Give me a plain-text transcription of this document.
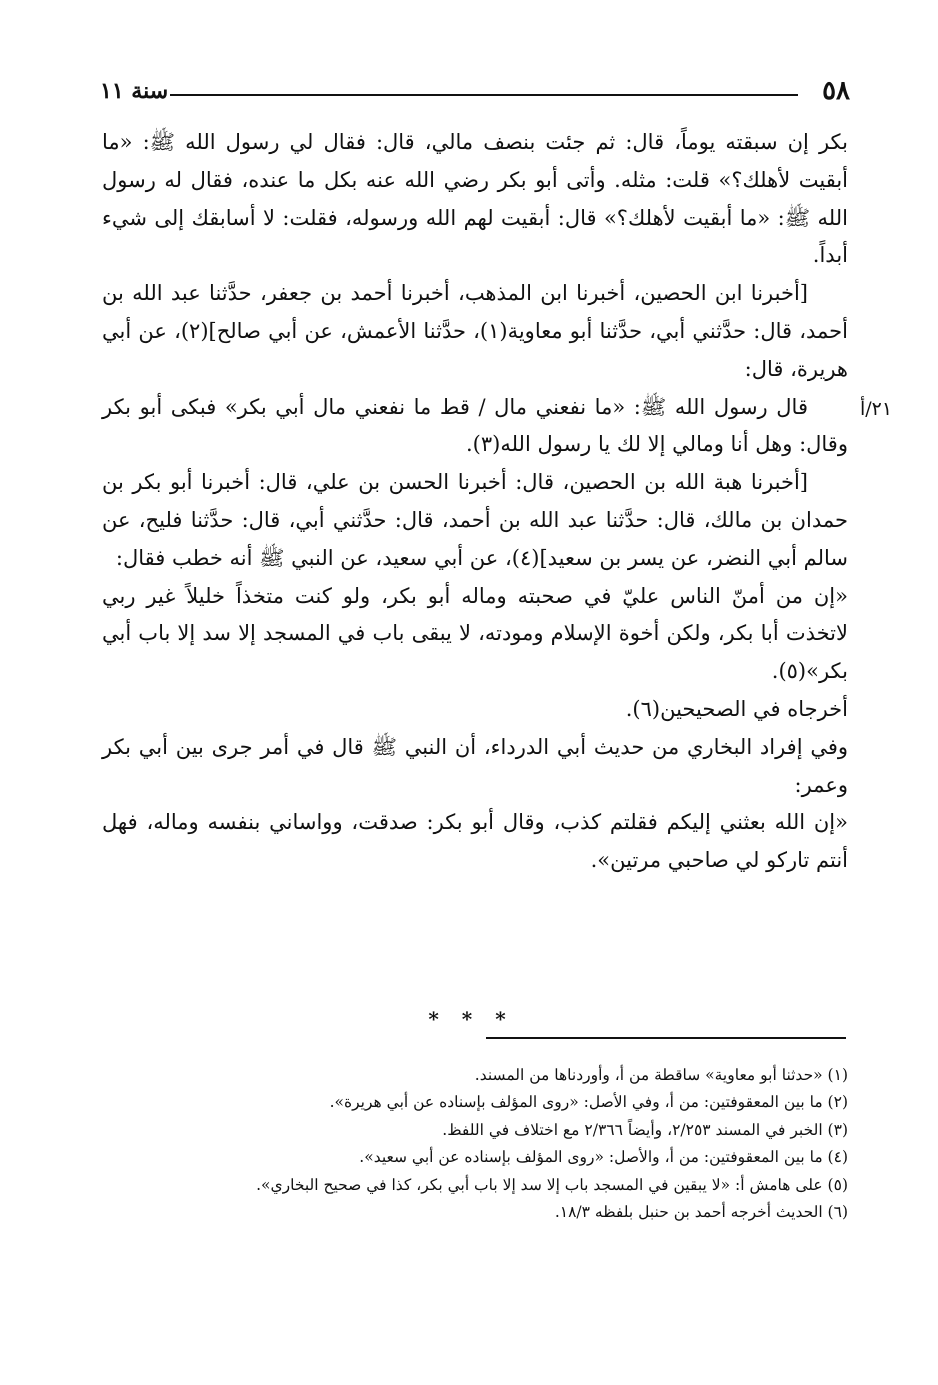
٥٨
سنة ١١
٢١/أ

بكر إن سبقته يوماً، قال: ثم جئت بنصف مالي، قال: فقال لي رسول الله ﷺ: «ما أبقيت لأهلك؟» قلت: مثله. وأتى أبو بكر رضي الله عنه بكل ما عنده، فقال له رسول الله ﷺ: «ما أبقيت لأهلك؟» قال: أبقيت لهم الله ورسوله، فقلت: لا أسابقك إلى شيء أبداً.

[أخبرنا ابن الحصين، أخبرنا ابن المذهب، أخبرنا أحمد بن جعفر، حدَّثنا عبد الله بن أحمد، قال: حدَّثني أبي، حدَّثنا أبو معاوية(١)، حدَّثنا الأعمش، عن أبي صالح](٢)، عن أبي هريرة، قال:

قال رسول الله ﷺ: «ما نفعني مال / قط ما نفعني مال أبي بكر» فبكى أبو بكر وقال: وهل أنا ومالي إلا لك يا رسول الله(٣).

[أخبرنا هبة الله بن الحصين، قال: أخبرنا الحسن بن علي، قال: أخبرنا أبو بكر بن حمدان بن مالك، قال: حدَّثنا عبد الله بن أحمد، قال: حدَّثني أبي، قال: حدَّثنا فليح، عن سالم أبي النضر، عن يسر بن سعيد](٤)، عن أبي سعيد، عن النبي ﷺ أنه خطب فقال:

«إن من أمنّ الناس عليّ في صحبته وماله أبو بكر، ولو كنت متخذاً خليلاً غير ربي لاتخذت أبا بكر، ولكن أخوة الإسلام ومودته، لا يبقى باب في المسجد إلا سد إلا باب أبي بكر»(٥).

أخرجاه في الصحيحين(٦).

وفي إفراد البخاري من حديث أبي الدرداء، أن النبي ﷺ قال في أمر جرى بين أبي بكر وعمر:

«إن الله بعثني إليكم فقلتم كذب، وقال أبو بكر: صدقت، وواساني بنفسه وماله، فهل أنتم تاركو لي صاحبي مرتين».

* * *
(١) «حدثنا أبو معاوية» ساقطة من أ، وأوردناها من المسند.
(٢) ما بين المعقوفتين: من أ، وفي الأصل: «روى المؤلف بإسناده عن أبي هريرة».
(٣) الخبر في المسند ٢/٢٥٣، وأيضاً ٢/٣٦٦ مع اختلاف في اللفظ.
(٤) ما بين المعقوفتين: من أ، والأصل: «روى المؤلف بإسناده عن أبي سعيد».
(٥) على هامش أ: «لا يبقين في المسجد باب إلا سد إلا باب أبي بكر، كذا في صحيح البخاري».
(٦) الحديث أخرجه أحمد بن حنبل بلفظه ١٨/٣.
